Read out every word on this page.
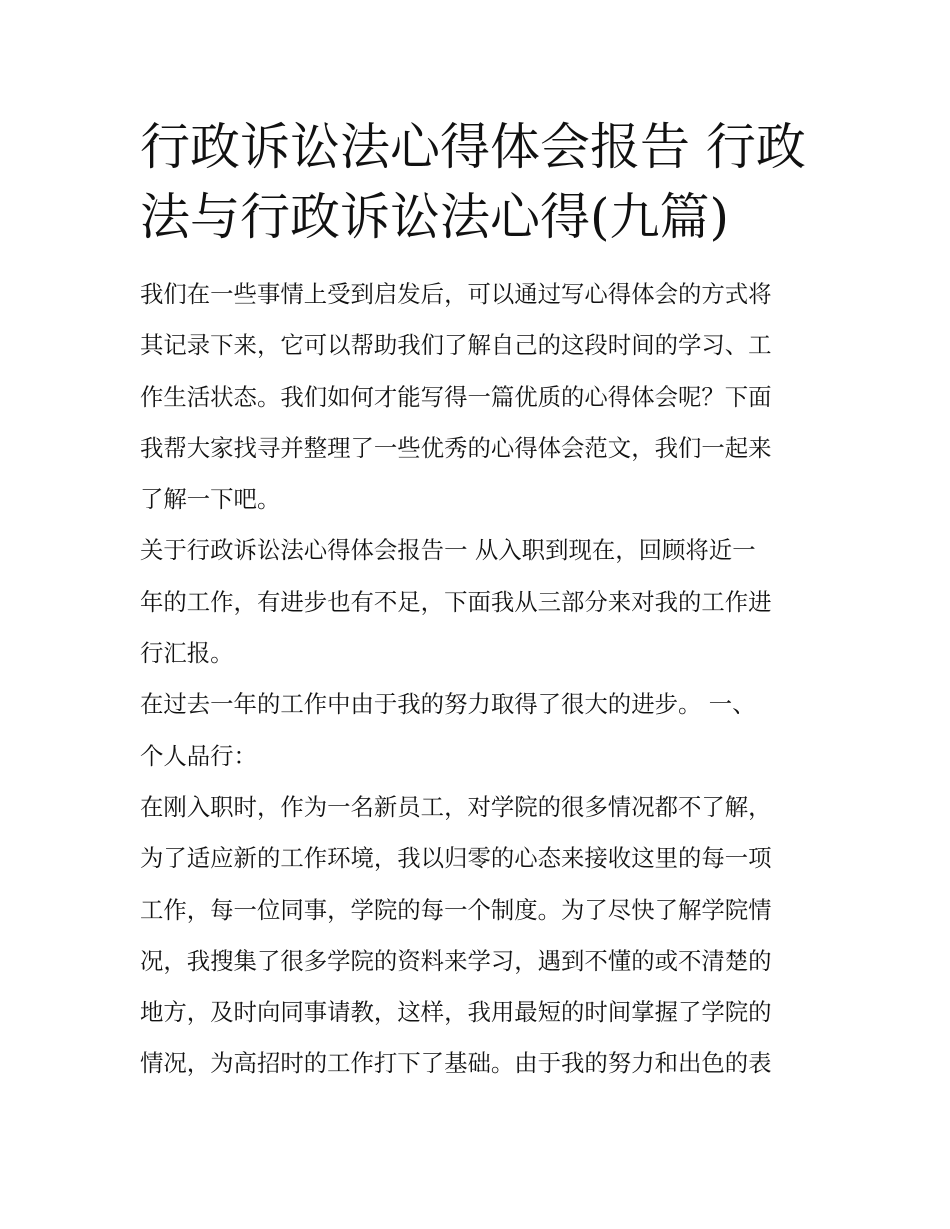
行政诉讼法心得体会报告 行政
法与行政诉讼法心得(九篇)

我们在一些事情上受到启发后，可以通过写心得体会的方式将
其记录下来，它可以帮助我们了解自己的这段时间的学习、工
作生活状态。我们如何才能写得一篇优质的心得体会呢？下面
我帮大家找寻并整理了一些优秀的心得体会范文，我们一起来
了解一下吧。

关于行政诉讼法心得体会报告一 从入职到现在，回顾将近一
年的工作，有进步也有不足，下面我从三部分来对我的工作进
行汇报。

在过去一年的工作中由于我的努力取得了很大的进步。 一、
个人品行：

在刚入职时，作为一名新员工，对学院的很多情况都不了解，
为了适应新的工作环境，我以归零的心态来接收这里的每一项
工作，每一位同事，学院的每一个制度。为了尽快了解学院情
况，我搜集了很多学院的资料来学习，遇到不懂的或不清楚的
地方，及时向同事请教，这样，我用最短的时间掌握了学院的
情况，为高招时的工作打下了基础。由于我的努力和出色的表
